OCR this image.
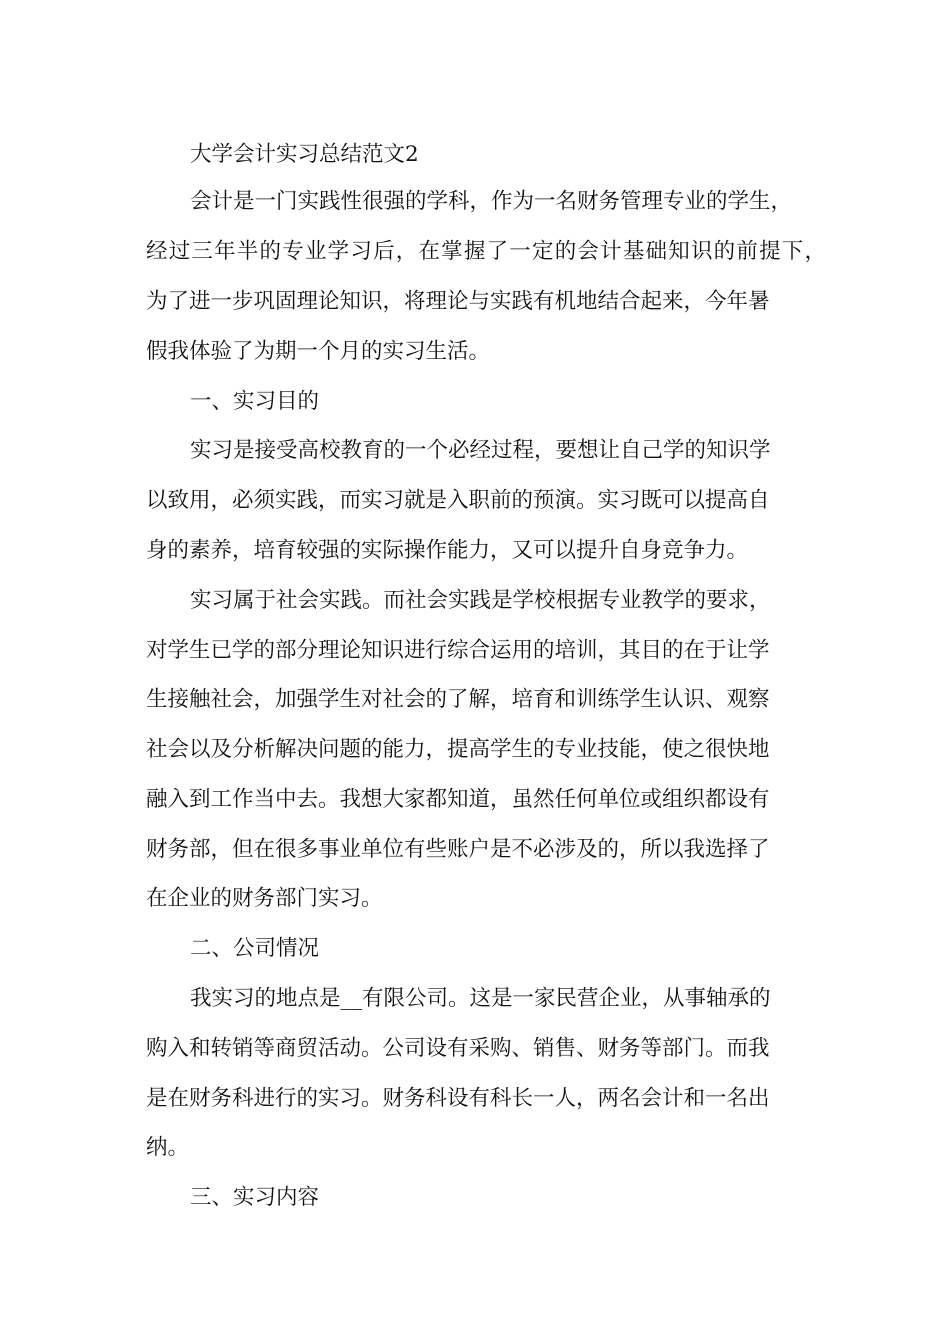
大学会计实习总结范文2
会计是一门实践性很强的学科，作为一名财务管理专业的学生，
经过三年半的专业学习后，在掌握了一定的会计基础知识的前提下，
为了进一步巩固理论知识，将理论与实践有机地结合起来，今年暑
假我体验了为期一个月的实习生活。
一、实习目的
实习是接受高校教育的一个必经过程，要想让自己学的知识学
以致用，必须实践，而实习就是入职前的预演。实习既可以提高自
身的素养，培育较强的实际操作能力，又可以提升自身竞争力。
实习属于社会实践。而社会实践是学校根据专业教学的要求，
对学生已学的部分理论知识进行综合运用的培训，其目的在于让学
生接触社会，加强学生对社会的了解，培育和训练学生认识、观察
社会以及分析解决问题的能力，提高学生的专业技能，使之很快地
融入到工作当中去。我想大家都知道，虽然任何单位或组织都设有
财务部，但在很多事业单位有些账户是不必涉及的，所以我选择了
在企业的财务部门实习。
二、公司情况
我实习的地点是__有限公司。这是一家民营企业，从事轴承的
购入和转销等商贸活动。公司设有采购、销售、财务等部门。而我
是在财务科进行的实习。财务科设有科长一人，两名会计和一名出
纳。
三、实习内容
